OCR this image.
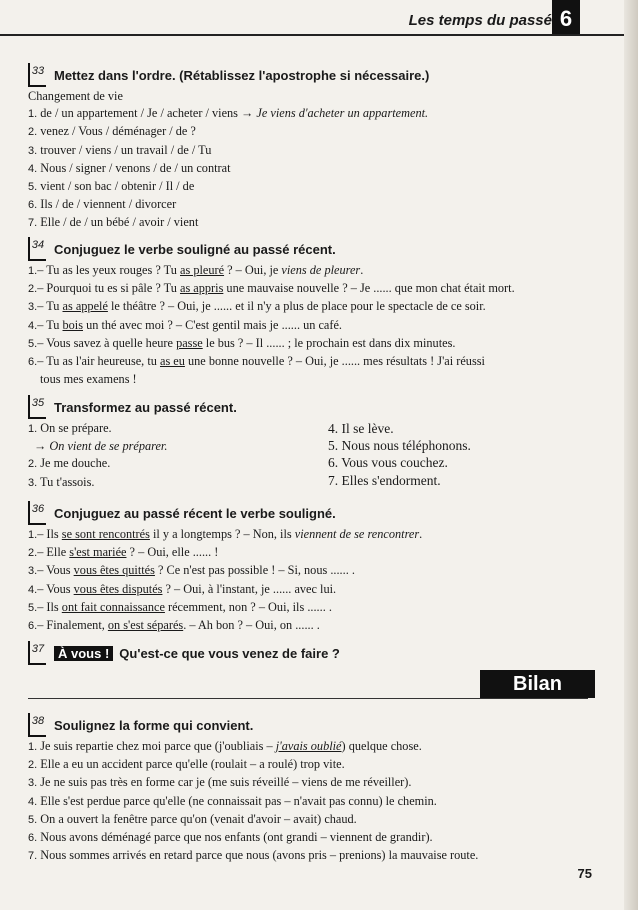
Les temps du passé 6
33 Mettez dans l'ordre. (Rétablissez l'apostrophe si nécessaire.)
Changement de vie
1. de / un appartement / Je / acheter / viens → Je viens d'acheter un appartement.
2. venez / Vous / déménager / de ?
3. trouver / viens / un travail / de / Tu
4. Nous / signer / venons / de / un contrat
5. vient / son bac / obtenir / Il / de
6. Ils / de / viennent / divorcer
7. Elle / de / un bébé / avoir / vient
34 Conjuguez le verbe souligné au passé récent.
1.– Tu as les yeux rouges ? Tu as pleuré ? – Oui, je viens de pleurer.
2.– Pourquoi tu es si pâle ? Tu as appris une mauvaise nouvelle ? – Je ...... que mon chat était mort.
3.– Tu as appelé le théâtre ? – Oui, je ...... et il n'y a plus de place pour le spectacle de ce soir.
4.– Tu bois un thé avec moi ? – C'est gentil mais je ...... un café.
5.– Vous savez à quelle heure passe le bus ? – Il ...... ; le prochain est dans dix minutes.
6.– Tu as l'air heureuse, tu as eu une bonne nouvelle ? – Oui, je ...... mes résultats ! J'ai réussi
tous mes examens !
35 Transformez au passé récent.
1. On se prépare.
→ On vient de se préparer.
2. Je me douche.
3. Tu t'assois.
4. Il se lève.
5. Nous nous téléphonons.
6. Vous vous couchez.
7. Elles s'endorment.
36 Conjuguez au passé récent le verbe souligné.
1.– Ils se sont rencontrés il y a longtemps ? – Non, ils viennent de se rencontrer.
2.– Elle s'est mariée ? – Oui, elle ...... !
3.– Vous vous êtes quittés ? Ce n'est pas possible ! – Si, nous ...... .
4.– Vous vous êtes disputés ? – Oui, à l'instant, je ...... avec lui.
5.– Ils ont fait connaissance récemment, non ? – Oui, ils ...... .
6.– Finalement, on s'est séparés. – Ah bon ? – Oui, on ...... .
37	À vous ! Qu'est-ce que vous venez de faire ?
Bilan
38 Soulignez la forme qui convient.
1. Je suis repartie chez moi parce que (j'oubliais – j'avais oublié) quelque chose.
2. Elle a eu un accident parce qu'elle (roulait – a roulé) trop vite.
3. Je ne suis pas très en forme car je (me suis réveillé – viens de me réveiller).
4. Elle s'est perdue parce qu'elle (ne connaissait pas – n'avait pas connu) le chemin.
5. On a ouvert la fenêtre parce qu'on (venait d'avoir – avait) chaud.
6. Nous avons déménagé parce que nos enfants (ont grandi – viennent de grandir).
7. Nous sommes arrivés en retard parce que nous (avons pris – prenions) la mauvaise route.
75
